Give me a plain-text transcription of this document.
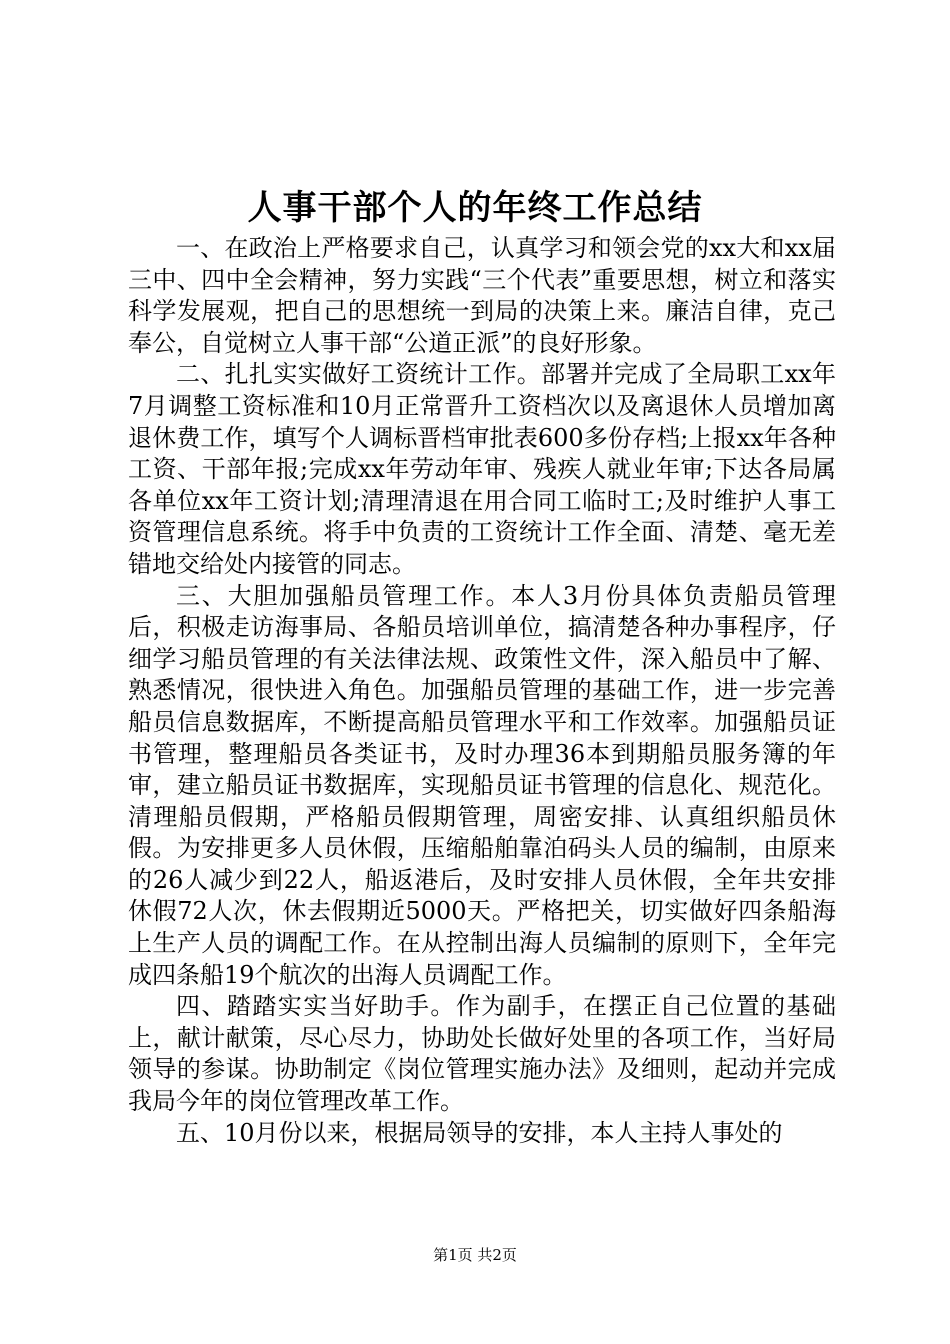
人事干部个人的年终工作总结

一、在政治上严格要求自己，认真学习和领会党的xx大和xx届三中、四中全会精神，努力实践“三个代表”重要思想，树立和落实科学发展观，把自己的思想统一到局的决策上来。廉洁自律，克己奉公，自觉树立人事干部“公道正派”的良好形象。

二、扎扎实实做好工资统计工作。部署并完成了全局职工xx年7月调整工资标准和10月正常晋升工资档次以及离退休人员增加离退休费工作，填写个人调标晋档审批表600多份存档;上报xx年各种工资、干部年报;完成xx年劳动年审、残疾人就业年审;下达各局属各单位xx年工资计划;清理清退在用合同工临时工;及时维护人事工资管理信息系统。将手中负责的工资统计工作全面、清楚、毫无差错地交给处内接管的同志。

三、大胆加强船员管理工作。本人3月份具体负责船员管理后，积极走访海事局、各船员培训单位，搞清楚各种办事程序，仔细学习船员管理的有关法律法规、政策性文件，深入船员中了解、熟悉情况，很快进入角色。加强船员管理的基础工作，进一步完善船员信息数据库，不断提高船员管理水平和工作效率。加强船员证书管理，整理船员各类证书，及时办理36本到期船员服务簿的年审，建立船员证书数据库，实现船员证书管理的信息化、规范化。清理船员假期，严格船员假期管理，周密安排、认真组织船员休假。为安排更多人员休假，压缩船舶靠泊码头人员的编制，由原来的26人减少到22人，船返港后，及时安排人员休假，全年共安排休假72人次，休去假期近5000天。严格把关，切实做好四条船海上生产人员的调配工作。在从控制出海人员编制的原则下，全年完成四条船19个航次的出海人员调配工作。

四、踏踏实实当好助手。作为副手，在摆正自己位置的基础上，献计献策，尽心尽力，协助处长做好处里的各项工作，当好局领导的参谋。协助制定《岗位管理实施办法》及细则，起动并完成我局今年的岗位管理改革工作。

五、10月份以来，根据局领导的安排，本人主持人事处的

第1页 共2页
